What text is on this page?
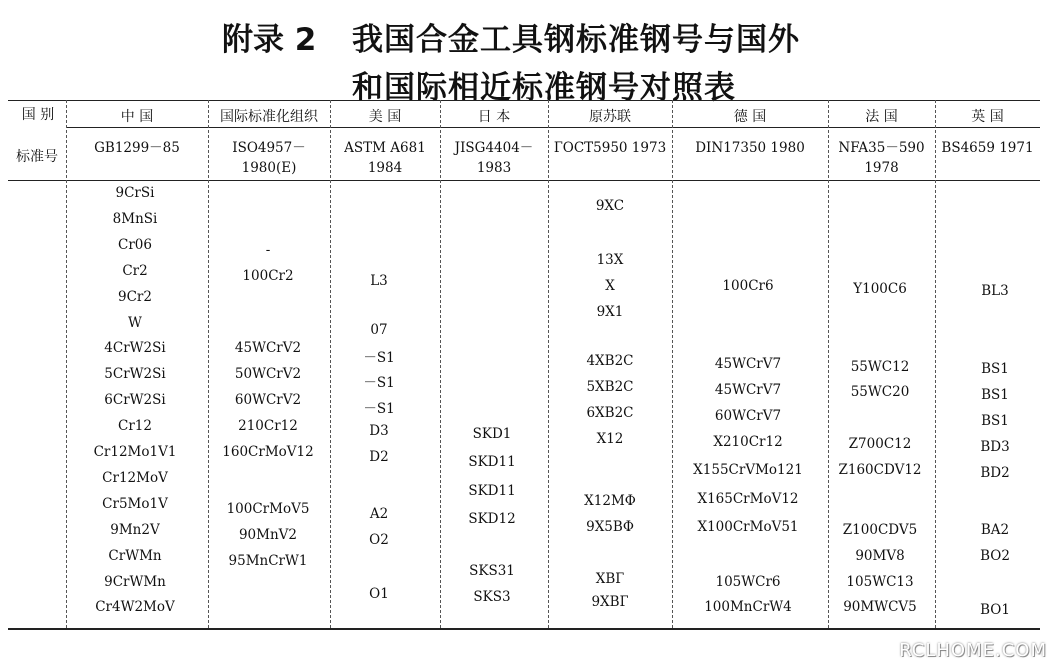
附录 2 我国合金工具钢标准钢号与国外
和国际相近标准钢号对照表
国 别
标准号
中 国
GB1299－85
国际标准化组织
ISO4957－1980(E)
美 国
ASTM A681 1984
日 本
JISG4404－1983
原苏联
ГОСТ5950 1973
德 国
DIN17350 1980
法 国
NFA35－590 1978
英 国
BS4659 1971
9CrSi
8MnSi
Cr06
Cr2
9Cr2
W
4CrW2Si
5CrW2Si
6CrW2Si
Cr12
Cr12Mo1V1
Cr12MoV
Cr5Mo1V
9Mn2V
CrWMn
9CrWMn
Cr4W2MoV
-
100Cr2
45WCrV2
50WCrV2
60WCrV2
210Cr12
160CrMoV12
100CrMoV5
90MnV2
95MnCrW1
L3
07
－S1
－S1
－S1
D3
D2
A2
O2
O1
SKD1
SKD11
SKD11
SKD12
SKS31
SKS3
9XC
13X
X
9X1
4XB2C
5XB2C
6XB2C
X12
X12MΦ
9X5BΦ
XBГ
9XBГ
100Cr6
45WCrV7
45WCrV7
60WCrV7
X210Cr12
X155CrVMo121
X165CrMoV12
X100CrMoV51
105WCr6
100MnCrW4
Y100C6
55WC12
55WC20
Z700C12
Z160CDV12
Z100CDV5
90MV8
105WC13
90MWCV5
BL3
BS1
BS1
BS1
BD3
BD2
BA2
BO2
BO1
RCLHOME.COM
